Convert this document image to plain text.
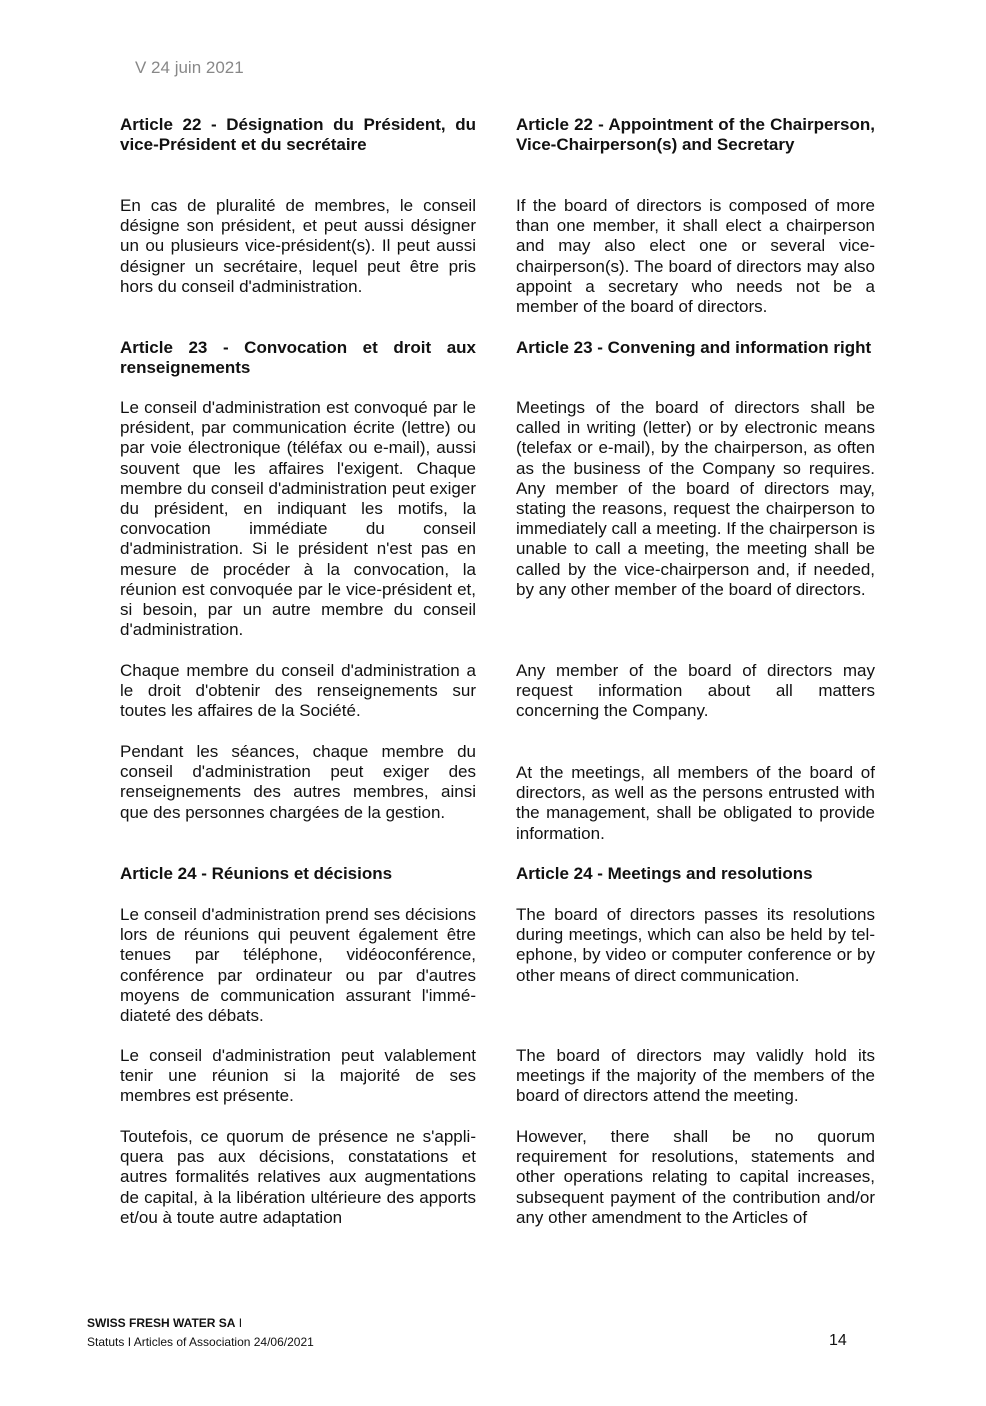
V 24 juin 2021

Article 22 - Désignation du Président, du vice-Président et du secrétaire

En cas de pluralité de membres, le conseil désigne son président, et peut aussi désigner un ou plusieurs vice-président(s). Il peut aussi désigner un secrétaire, lequel peut être pris hors du conseil d'administration.

Article 23 - Convocation et droit aux renseignements

Le conseil d'administration est convoqué par le président, par communication écrite (lettre) ou par voie électronique (téléfax ou e-mail), aussi souvent que les affaires l'exigent. Chaque membre du conseil d'administration peut exiger du président, en indiquant les motifs, la convocation immédiate du conseil d'administration. Si le président n'est pas en mesure de procéder à la convocation, la réunion est convoquée par le vice-président et, si besoin, par un autre membre du conseil d'administration.

Chaque membre du conseil d'administration a le droit d'obtenir des renseignements sur toutes les affaires de la Société.

Pendant les séances, chaque membre du conseil d'administration peut exiger des renseignements des autres membres, ainsi que des personnes chargées de la gestion.

Article 24 - Réunions et décisions

Le conseil d'administration prend ses décisions lors de réunions qui peuvent également être tenues par téléphone, vidéoconférence, conférence par ordinateur ou par d'autres moyens de communication assurant l'immédiateté des débats.

Le conseil d'administration peut valablement tenir une réunion si la majorité de ses membres est présente.

Toutefois, ce quorum de présence ne s'appliquera pas aux décisions, constatations et autres formalités relatives aux augmentations de capital, à la libération ultérieure des apports et/ou à toute autre adaptation

Article 22 - Appointment of the Chairperson, Vice-Chairperson(s) and Secretary

If the board of directors is composed of more than one member, it shall elect a chairperson and may also elect one or several vice-chairperson(s). The board of directors may also appoint a secretary who needs not be a member of the board of directors.

Article 23 - Convening and information right

Meetings of the board of directors shall be called in writing (letter) or by electronic means (telefax or e-mail), by the chairperson, as often as the business of the Company so requires. Any member of the board of directors may, stating the reasons, request the chairperson to immediately call a meeting. If the chairperson is unable to call a meeting, the meeting shall be called by the vice-chairperson and, if needed, by any other member of the board of directors.

Any member of the board of directors may request information about all matters concerning the Company.

At the meetings, all members of the board of directors, as well as the persons entrusted with the management, shall be obligated to provide information.

Article 24 - Meetings and resolutions

The board of directors passes its resolutions during meetings, which can also be held by telephone, by video or computer conference or by other means of direct communication.

The board of directors may validly hold its meetings if the majority of the members of the board of directors attend the meeting.

However, there shall be no quorum requirement for resolutions, statements and other operations relating to capital increases, subsequent payment of the contribution and/or any other amendment to the Articles of

SWISS FRESH WATER SA I
Statuts I Articles of Association 24/06/2021	14
